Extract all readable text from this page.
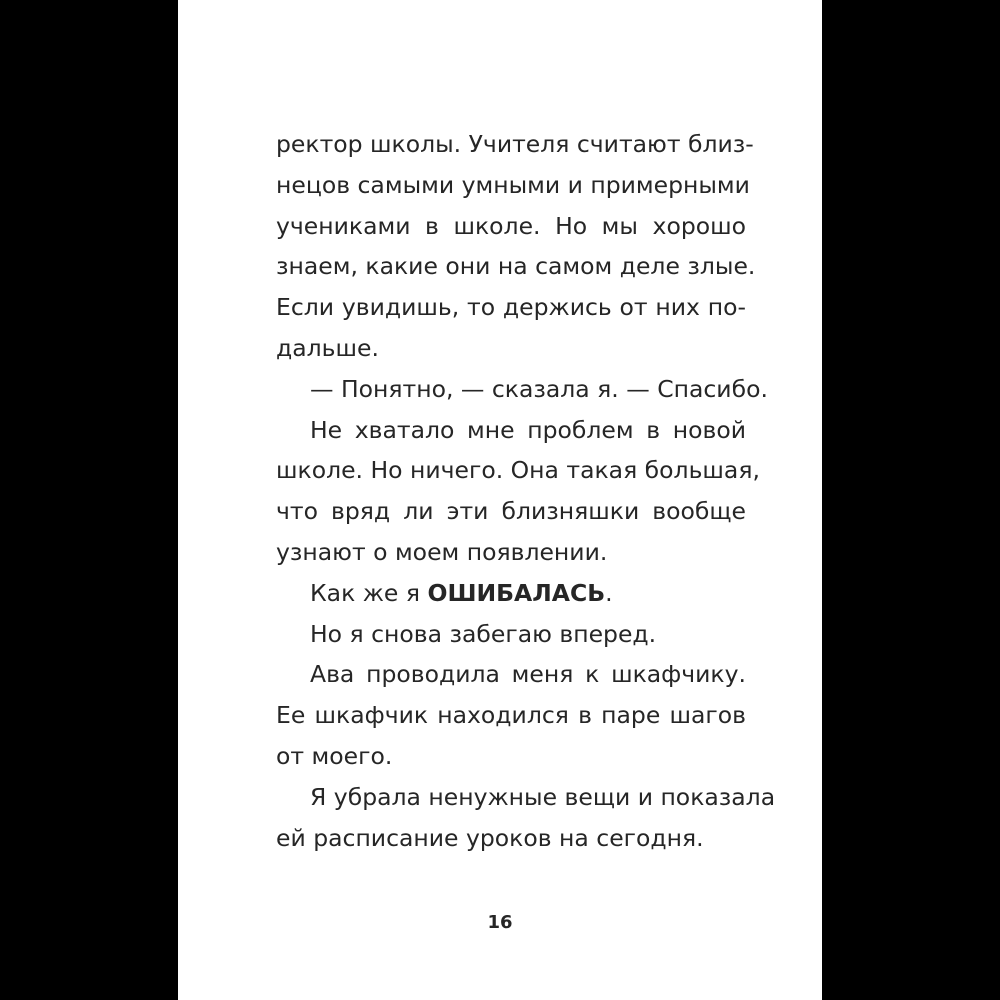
ректор школы. Учителя считают близ-
нецов самыми умными и примерными
учениками в школе. Но мы хорошо
знаем, какие они на самом деле злые.
Если увидишь, то держись от них по-
дальше.
— Понятно, — сказала я. — Спасибо.
Не хватало мне проблем в новой
школе. Но ничего. Она такая большая,
что вряд ли эти близняшки вообще
узнают о моем появлении.
Как же я ОШИБАЛАСЬ.
Но я снова забегаю вперед.
Ава проводила меня к шкафчику.
Ее шкафчик находился в паре шагов
от моего.
Я убрала ненужные вещи и показала
ей расписание уроков на сегодня.
16
